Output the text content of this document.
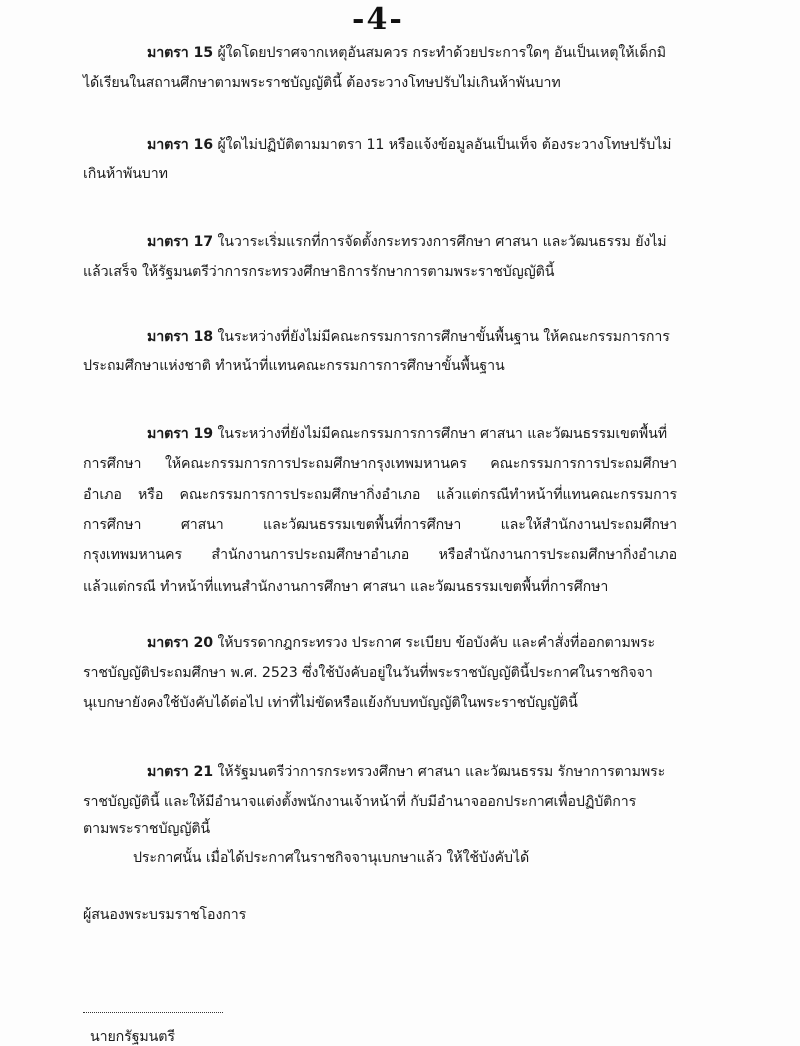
-4-
มาตรา 15 ผู้ใดโดยปราศจากเหตุอันสมควร กระทำด้วยประการใดๆ อันเป็นเหตุให้เด็กมิ
ได้เรียนในสถานศึกษาตามพระราชบัญญัตินี้ ต้องระวางโทษปรับไม่เกินห้าพันบาท
มาตรา 16 ผู้ใดไม่ปฏิบัติตามมาตรา 11 หรือแจ้งข้อมูลอันเป็นเท็จ ต้องระวางโทษปรับไม่
เกินห้าพันบาท
มาตรา 17 ในวาระเริ่มแรกที่การจัดตั้งกระทรวงการศึกษา ศาสนา และวัฒนธรรม ยังไม่
แล้วเสร็จ ให้รัฐมนตรีว่าการกระทรวงศึกษาธิการรักษาการตามพระราชบัญญัตินี้
มาตรา 18 ในระหว่างที่ยังไม่มีคณะกรรมการการศึกษาขั้นพื้นฐาน ให้คณะกรรมการการ
ประถมศึกษาแห่งชาติ ทำหน้าที่แทนคณะกรรมการการศึกษาขั้นพื้นฐาน
มาตรา 19 ในระหว่างที่ยังไม่มีคณะกรรมการการศึกษา ศาสนา และวัฒนธรรมเขตพื้นที่
การศึกษา ให้คณะกรรมการการประถมศึกษากรุงเทพมหานคร คณะกรรมการการประถมศึกษา
อำเภอ หรือ คณะกรรมการการประถมศึกษากิ่งอำเภอ แล้วแต่กรณีทำหน้าที่แทนคณะกรรมการ
การศึกษา ศาสนา และวัฒนธรรมเขตพื้นที่การศึกษา และให้สำนักงานประถมศึกษา
กรุงเทพมหานคร สำนักงานการประถมศึกษาอำเภอ หรือสำนักงานการประถมศึกษากิ่งอำเภอ
แล้วแต่กรณี ทำหน้าที่แทนสำนักงานการศึกษา ศาสนา และวัฒนธรรมเขตพื้นที่การศึกษา
มาตรา 20 ให้บรรดากฎกระทรวง ประกาศ ระเบียบ ข้อบังคับ และคำสั่งที่ออกตามพระ
ราชบัญญัติประถมศึกษา พ.ศ. 2523 ซึ่งใช้บังคับอยู่ในวันที่พระราชบัญญัตินี้ประกาศในราชกิจจา
นุเบกษายังคงใช้บังคับได้ต่อไป เท่าที่ไม่ขัดหรือแย้งกับบทบัญญัติในพระราชบัญญัตินี้
มาตรา 21 ให้รัฐมนตรีว่าการกระทรวงศึกษา ศาสนา และวัฒนธรรม รักษาการตามพระ
ราชบัญญัตินี้ และให้มีอำนาจแต่งตั้งพนักงานเจ้าหน้าที่ กับมีอำนาจออกประกาศเพื่อปฏิบัติการ
ตามพระราชบัญญัตินี้
ประกาศนั้น เมื่อได้ประกาศในราชกิจจานุเบกษาแล้ว ให้ใช้บังคับได้
ผู้สนองพระบรมราชโองการ
นายกรัฐมนตรี
